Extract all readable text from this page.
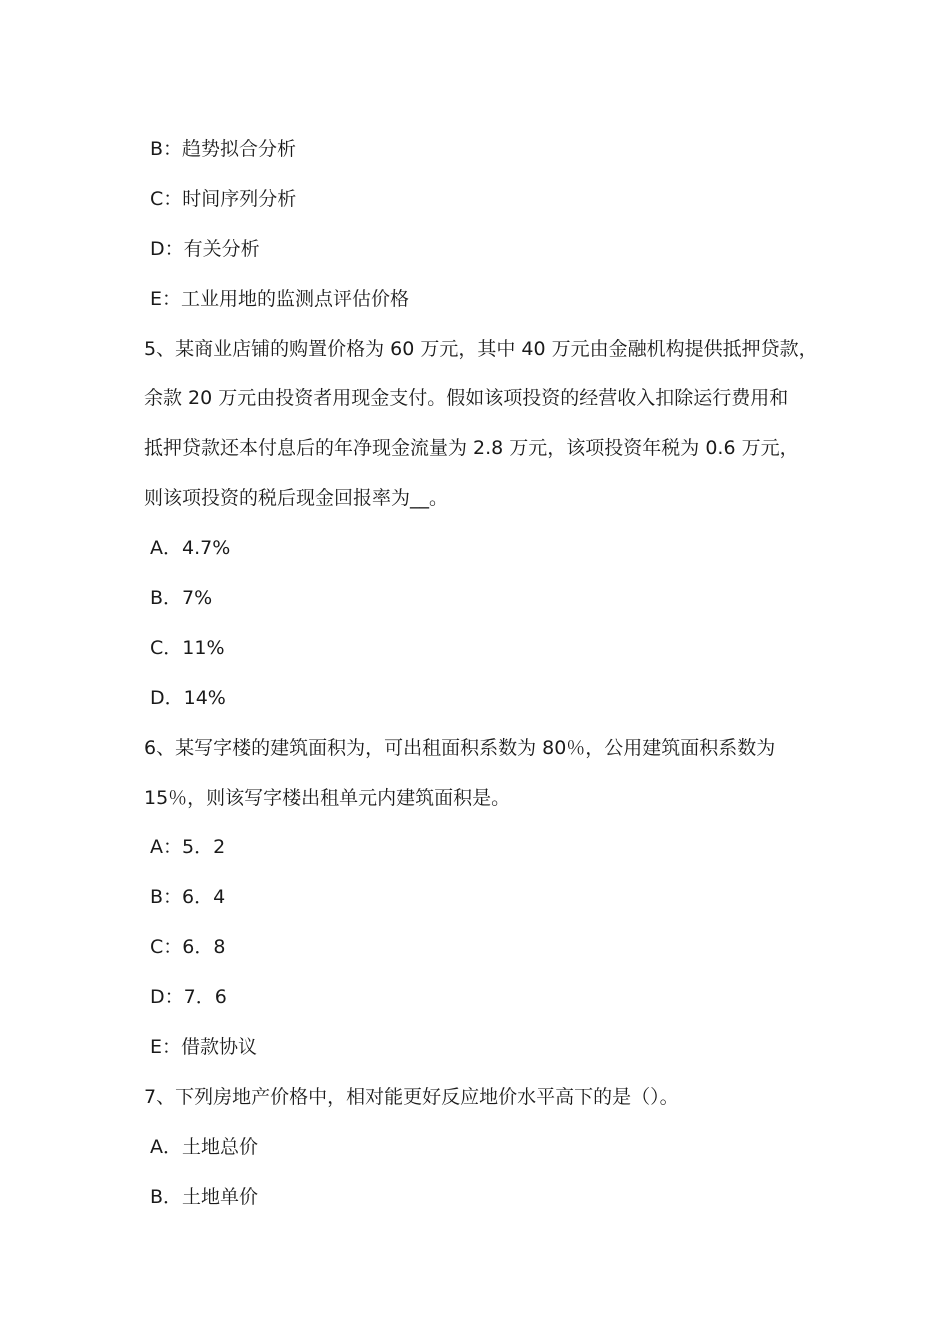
B：趋势拟合分析
C：时间序列分析
D：有关分析
E：工业用地的监测点评估价格
5、某商业店铺的购置价格为 60 万元，其中 40 万元由金融机构提供抵押贷款，
余款 20 万元由投资者用现金支付。假如该项投资的经营收入扣除运行费用和
抵押贷款还本付息后的年净现金流量为 2.8 万元，该项投资年税为 0.6 万元，
则该项投资的税后现金回报率为__。
A．4.7%
B．7%
C．11%
D．14%
6、某写字楼的建筑面积为，可出租面积系数为 80％，公用建筑面积系数为
15％，则该写字楼出租单元内建筑面积是。
A：5．2
B：6．4
C：6．8
D：7．6
E：借款协议
7、下列房地产价格中，相对能更好反应地价水平高下的是（）。
A．土地总价
B．土地单价
